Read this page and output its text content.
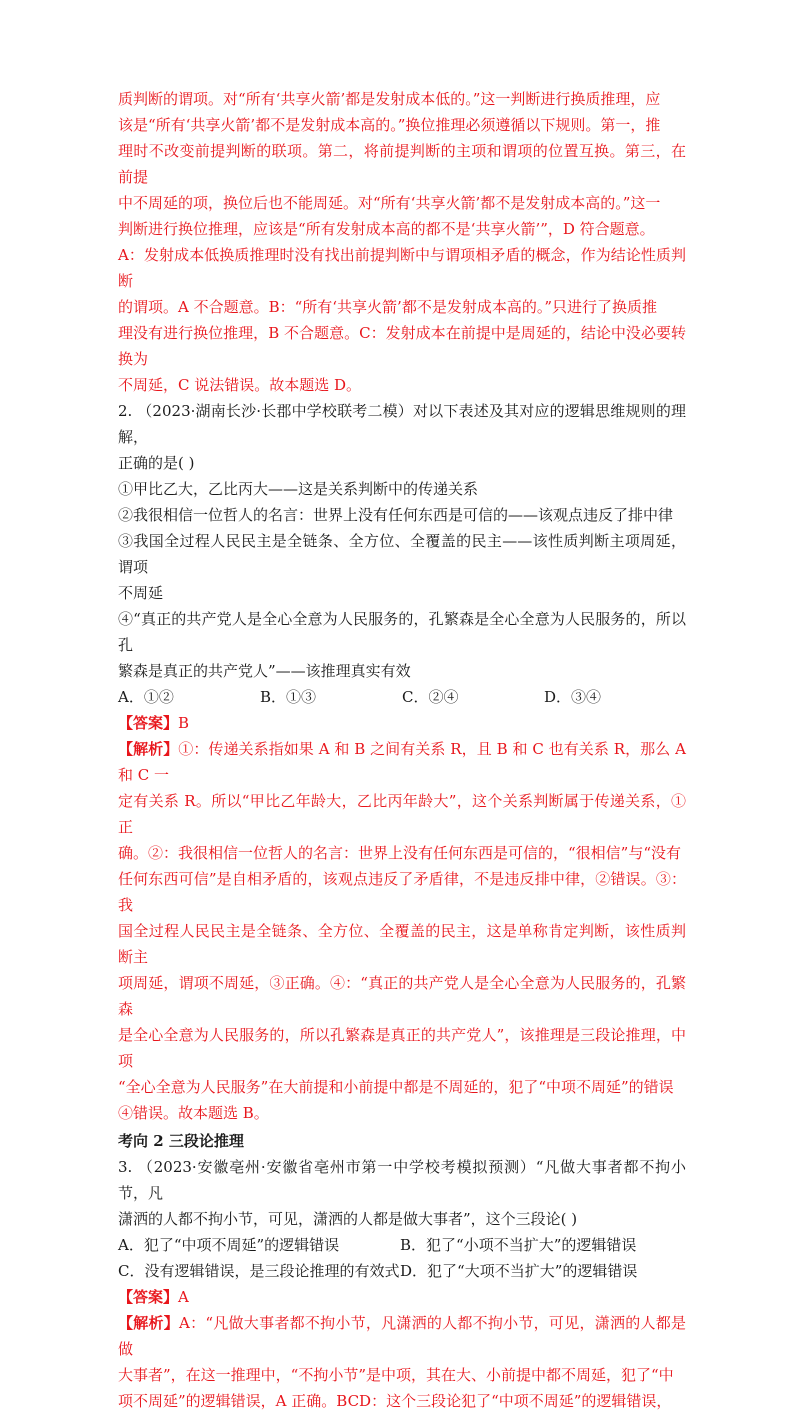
质判断的谓项。对“所有‘共享火箭’都是发射成本低的。”这一判断进行换质推理，应

该是“所有‘共享火箭’都不是发射成本高的。”换位推理必须遵循以下规则。第一，推

理时不改变前提判断的联项。第二，将前提判断的主项和谓项的位置互换。第三，在前提

中不周延的项，换位后也不能周延。对“所有‘共享火箭’都不是发射成本高的。”这一

判断进行换位推理，应该是“所有发射成本高的都不是‘共享火箭’”，D 符合题意。

A：发射成本低换质推理时没有找出前提判断中与谓项相矛盾的概念，作为结论性质判断

的谓项。A 不合题意。B：“所有‘共享火箭’都不是发射成本高的。”只进行了换质推

理没有进行换位推理，B 不合题意。C：发射成本在前提中是周延的，结论中没必要转换为

不周延，C 说法错误。故本题选 D。

2. （2023·湖南长沙·长郡中学校联考二模）对以下表述及其对应的逻辑思维规则的理解，

正确的是( )

①甲比乙大，乙比丙大——这是关系判断中的传递关系

②我很相信一位哲人的名言：世界上没有任何东西是可信的——该观点违反了排中律

③我国全过程人民民主是全链条、全方位、全覆盖的民主——该性质判断主项周延，谓项

不周延

④“真正的共产党人是全心全意为人民服务的，孔繁森是全心全意为人民服务的，所以孔

繁森是真正的共产党人”——该推理真实有效

A．①②	B．①③	C．②④	D．③④

【答案】B

【解析】①：传递关系指如果 A 和 B 之间有关系 R，且 B 和 C 也有关系 R，那么 A 和 C 一

定有关系 R。所以“甲比乙年龄大，乙比丙年龄大”，这个关系判断属于传递关系，①正

确。②：我很相信一位哲人的名言：世界上没有任何东西是可信的，“很相信”与“没有

任何东西可信”是自相矛盾的，该观点违反了矛盾律，不是违反排中律，②错误。③：我

国全过程人民民主是全链条、全方位、全覆盖的民主，这是单称肯定判断，该性质判断主

项周延，谓项不周延，③正确。④：“真正的共产党人是全心全意为人民服务的，孔繁森

是全心全意为人民服务的，所以孔繁森是真正的共产党人”，该推理是三段论推理，中项

“全心全意为人民服务”在大前提和小前提中都是不周延的，犯了“中项不周延”的错误

④错误。故本题选 B。

考向 2 三段论推理

3. （2023·安徽亳州·安徽省亳州市第一中学校考模拟预测）“凡做大事者都不拘小节，凡

潇洒的人都不拘小节，可见，潇洒的人都是做大事者”，这个三段论( )

A．犯了“中项不周延”的逻辑错误	B．犯了“小项不当扩大”的逻辑错误
C．没有逻辑错误，是三段论推理的有效式 D．犯了“大项不当扩大”的逻辑错误

【答案】A

【解析】A：“凡做大事者都不拘小节，凡潇洒的人都不拘小节，可见，潇洒的人都是做

大事者”，在这一推理中，“不拘小节”是中项，其在大、小前提中都不周延，犯了“中

项不周延”的逻辑错误，A 正确。BCD：这个三段论犯了“中项不周延”的逻辑错误，
